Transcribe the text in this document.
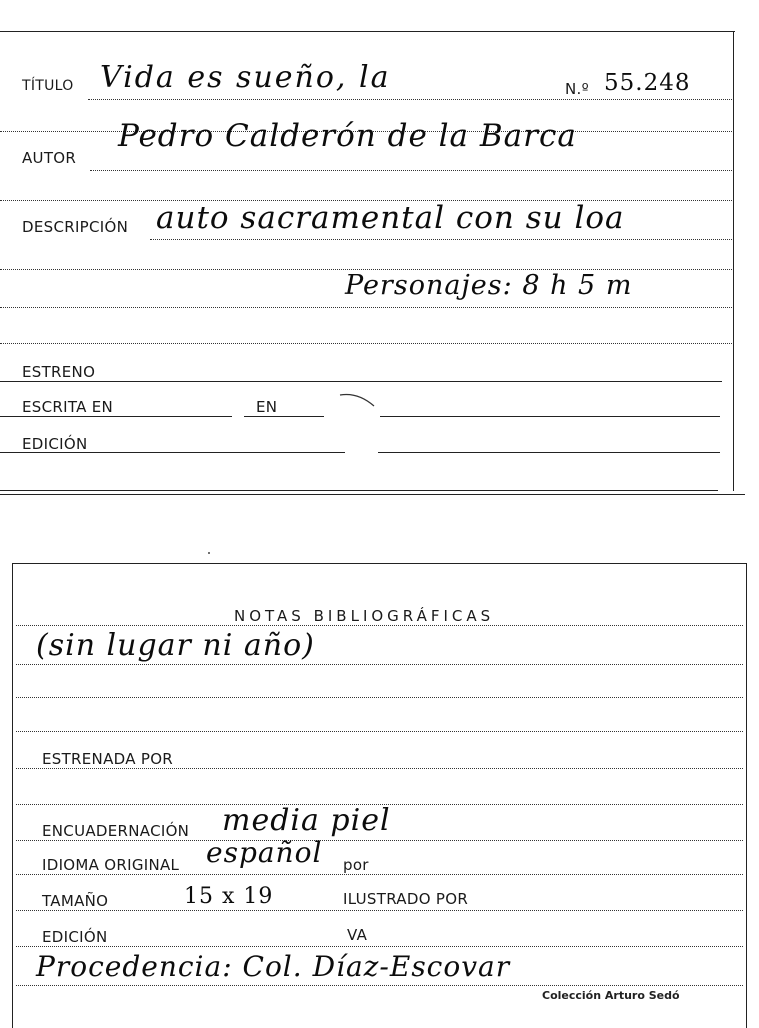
TÍTULO Vida es sueño, la	N.º 55.248
AUTOR
Pedro Calderón de la Barca
DESCRIPCIÓN auto sacramental con su loa
Personajes: 8 h 5 m
ESTRENO
ESCRITA EN	EN
EDICIÓN
NOTAS BIBLIOGRÁFICAS
(sin lugar ni año)
ESTRENADA POR
ENCUADERNACIÓN media piel
IDIOMA ORIGINAL español por
TAMAÑO	15 x 19	ILUSTRADO POR
EDICIÓN	VA
Procedencia: Col. Díaz-Escovar
Colección Arturo Sedó
